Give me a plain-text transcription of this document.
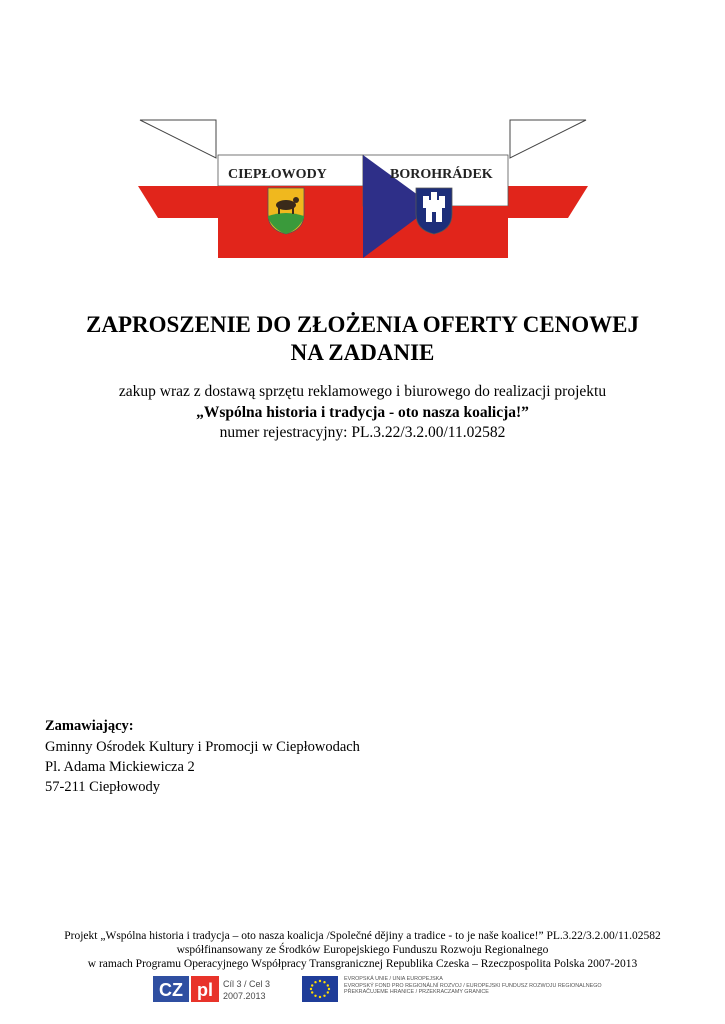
CIEPŁOWODY	BOROHRÁDEK
ZAPROSZENIE DO ZŁOŻENIA OFERTY CENOWEJ
NA ZADANIE
zakup wraz z dostawą sprzętu reklamowego i biurowego do realizacji projektu
„Wspólna historia i tradycja - oto nasza koalicja!”
numer rejestracyjny: PL.3.22/3.2.00/11.02582
Zamawiający:
Gminny Ośrodek Kultury i Promocji w Ciepłowodach
Pl. Adama Mickiewicza 2
57-211 Ciepłowody
Projekt „Wspólna historia i tradycja – oto nasza koalicja /Společné dějiny a tradice - to je naše koalice!” PL.3.22/3.2.00/11.02582
współfinansowany ze Środków Europejskiego Funduszu Rozwoju Regionalnego
w ramach Programu Operacyjnego Współpracy Transgranicznej Republika Czeska – Rzeczpospolita Polska 2007-2013
CZ pl Cíl 3 / Cel 3
2007.2013
EVROPSKÁ UNIE / UNIA EUROPEJSKA
EVROPSKÝ FOND PRO REGIONÁLNÍ ROZVOJ / EUROPEJSKI FUNDUSZ ROZWOJU REGIONALNEGO
PŘEKRAČUJEME HRANICE / PRZEKRACZAMY GRANICE
